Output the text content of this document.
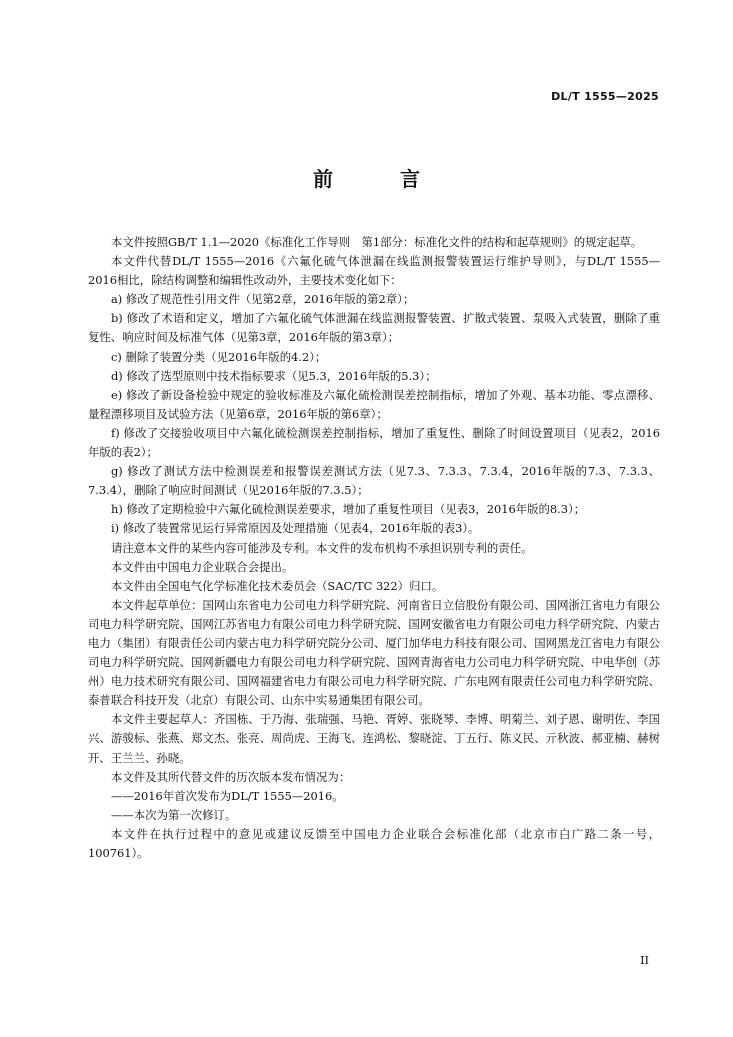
DL/T 1555—2025
前 言

本文件按照GB/T 1.1—2020《标准化工作导则　第1部分：标准化文件的结构和起草规则》的规定起草。

本文件代替DL/T 1555—2016《六氟化硫气体泄漏在线监测报警装置运行维护导则》，与DL/T 1555—2016相比，除结构调整和编辑性改动外，主要技术变化如下：

a) 修改了规范性引用文件（见第2章，2016年版的第2章）；

b) 修改了术语和定义，增加了六氟化硫气体泄漏在线监测报警装置、扩散式装置、泵吸入式装置，删除了重复性、响应时间及标准气体（见第3章，2016年版的第3章）；

c) 删除了装置分类（见2016年版的4.2）；

d) 修改了选型原则中技术指标要求（见5.3，2016年版的5.3）；

e) 修改了新设备检验中规定的验收标准及六氟化硫检测误差控制指标，增加了外观、基本功能、零点漂移、量程漂移项目及试验方法（见第6章，2016年版的第6章）；

f) 修改了交接验收项目中六氟化硫检测误差控制指标，增加了重复性、删除了时间设置项目（见表2，2016年版的表2）；

g) 修改了测试方法中检测误差和报警误差测试方法（见7.3、7.3.3、7.3.4，2016年版的7.3、7.3.3、7.3.4），删除了响应时间测试（见2016年版的7.3.5）；

h) 修改了定期检验中六氟化硫检测误差要求，增加了重复性项目（见表3，2016年版的8.3）；

i) 修改了装置常见运行异常原因及处理措施（见表4，2016年版的表3）。

请注意本文件的某些内容可能涉及专利。本文件的发布机构不承担识别专利的责任。

本文件由中国电力企业联合会提出。

本文件由全国电气化学标准化技术委员会（SAC/TC 322）归口。

本文件起草单位：国网山东省电力公司电力科学研究院、河南省日立信股份有限公司、国网浙江省电力有限公司电力科学研究院、国网江苏省电力有限公司电力科学研究院、国网安徽省电力有限公司电力科学研究院、内蒙古电力（集团）有限责任公司内蒙古电力科学研究院分公司、厦门加华电力科技有限公司、国网黑龙江省电力有限公司电力科学研究院、国网新疆电力有限公司电力科学研究院、国网青海省电力公司电力科学研究院、中电华创（苏州）电力技术研究有限公司、国网福建省电力有限公司电力科学研究院、广东电网有限责任公司电力科学研究院、泰普联合科技开发（北京）有限公司、山东中实易通集团有限公司。

本文件主要起草人：齐国栋、于乃海、张瑞强、马艳、胥婷、张晓琴、李博、明菊兰、刘子恩、谢明佐、李国兴、游骏标、张燕、郑文杰、张亮、周尚虎、王海飞、连鸿松、黎晓淀、丁五行、陈义民、亓秋波、郝亚楠、赫树开、王兰兰、孙晓。

本文件及其所代替文件的历次版本发布情况为：

——2016年首次发布为DL/T 1555—2016。

——本次为第一次修订。

本文件在执行过程中的意见或建议反馈至中国电力企业联合会标准化部（北京市白广路二条一号，100761）。

II
